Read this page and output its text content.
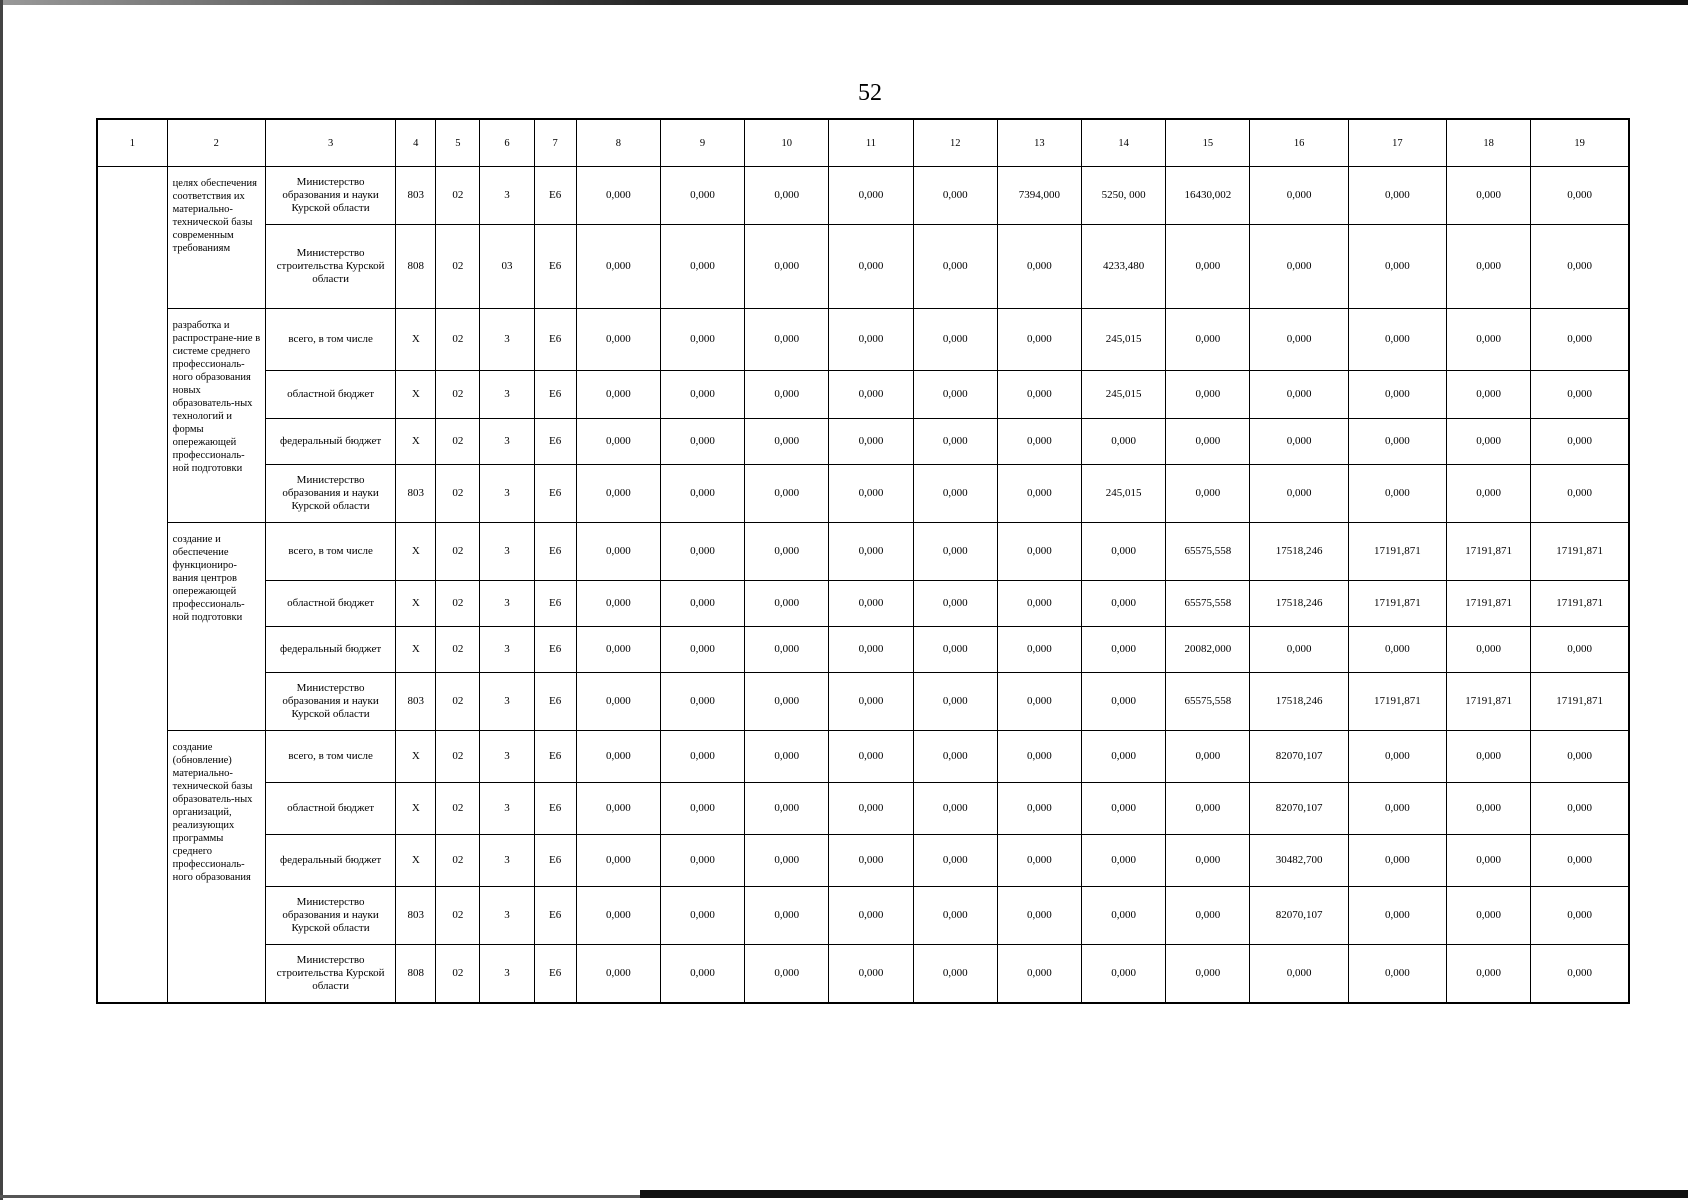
52
1	2	3	4	5	6	7	8	9	10	11	12	13	14	15	16	17	18	19
	целях обеспечения соответствия их материально-технической базы современным требованиям	Министерство образования и науки Курской области	803	02	3	Е6	0,000	0,000	0,000	0,000	0,000	7394,000	5250, 000	16430,002	0,000	0,000	0,000	0,000
		Министерство строительства Курской области	808	02	03	Е6	0,000	0,000	0,000	0,000	0,000	0,000	4233,480	0,000	0,000	0,000	0,000	0,000
	разработка и распростране-ние в системе среднего профессиональ-ного образования новых образователь-ных технологий и формы опережающей профессиональ-ной подготовки	всего, в том числе	X	02	3	Е6	0,000	0,000	0,000	0,000	0,000	0,000	245,015	0,000	0,000	0,000	0,000	0,000
		областной бюджет	X	02	3	Е6	0,000	0,000	0,000	0,000	0,000	0,000	245,015	0,000	0,000	0,000	0,000	0,000
		федеральный бюджет	X	02	3	Е6	0,000	0,000	0,000	0,000	0,000	0,000	0,000	0,000	0,000	0,000	0,000	0,000
		Министерство образования и науки Курской области	803	02	3	Е6	0,000	0,000	0,000	0,000	0,000	0,000	245,015	0,000	0,000	0,000	0,000	0,000
	создание и обеспечение функциониро-вания центров опережающей профессиональ-ной подготовки	всего, в том числе	X	02	3	Е6	0,000	0,000	0,000	0,000	0,000	0,000	0,000	65575,558	17518,246	17191,871	17191,871	17191,871
		областной бюджет	X	02	3	Е6	0,000	0,000	0,000	0,000	0,000	0,000	0,000	65575,558	17518,246	17191,871	17191,871	17191,871
		федеральный бюджет	X	02	3	Е6	0,000	0,000	0,000	0,000	0,000	0,000	0,000	20082,000	0,000	0,000	0,000	0,000
		Министерство образования и науки Курской области	803	02	3	Е6	0,000	0,000	0,000	0,000	0,000	0,000	0,000	65575,558	17518,246	17191,871	17191,871	17191,871
	создание (обновление) материально-технической базы образователь-ных организаций, реализующих программы среднего профессиональ-ного образования	всего, в том числе	X	02	3	Е6	0,000	0,000	0,000	0,000	0,000	0,000	0,000	0,000	82070,107	0,000	0,000	0,000
		областной бюджет	X	02	3	Е6	0,000	0,000	0,000	0,000	0,000	0,000	0,000	0,000	82070,107	0,000	0,000	0,000
		федеральный бюджет	X	02	3	Е6	0,000	0,000	0,000	0,000	0,000	0,000	0,000	0,000	30482,700	0,000	0,000	0,000
		Министерство образования и науки Курской области	803	02	3	Е6	0,000	0,000	0,000	0,000	0,000	0,000	0,000	0,000	82070,107	0,000	0,000	0,000
		Министерство строительства Курской области	808	02	3	Е6	0,000	0,000	0,000	0,000	0,000	0,000	0,000	0,000	0,000	0,000	0,000	0,000
